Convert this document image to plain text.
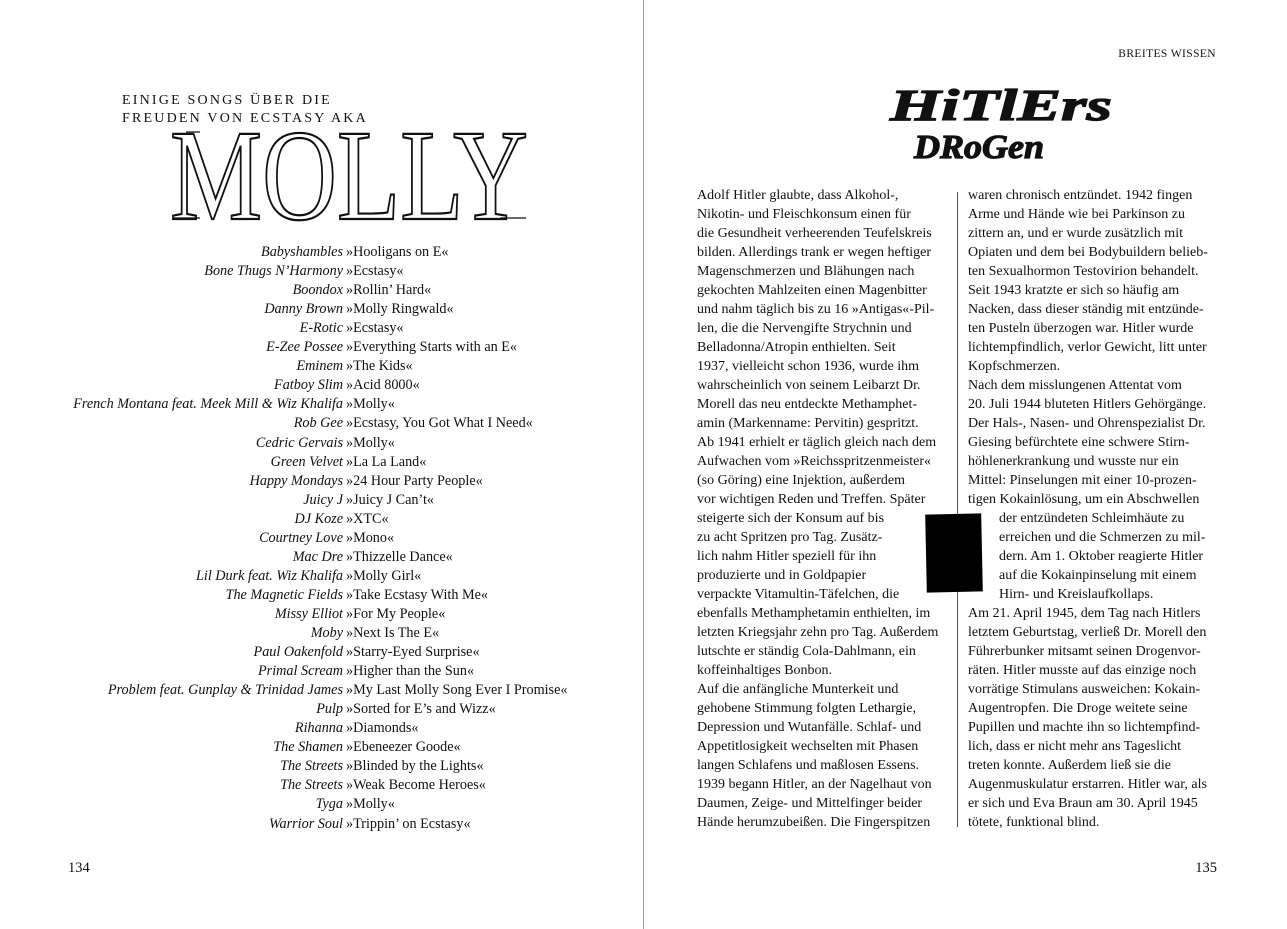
EINIGE SONGS ÜBER DIE
FREUDEN VON ECSTASY AKA
MOLLY
Babyshambles »Hooligans on E«
Bone Thugs N’Harmony »Ecstasy«
Boondox »Rollin’ Hard«
Danny Brown »Molly Ringwald«
E-Rotic »Ecstasy«
E-Zee Possee »Everything Starts with an E«
Eminem »The Kids«
Fatboy Slim »Acid 8000«
French Montana feat. Meek Mill & Wiz Khalifa »Molly«
Rob Gee »Ecstasy, You Got What I Need«
Cedric Gervais »Molly«
Green Velvet »La La Land«
Happy Mondays »24 Hour Party People«
Juicy J »Juicy J Can’t«
DJ Koze »XTC«
Courtney Love »Mono«
Mac Dre »Thizzelle Dance«
Lil Durk feat. Wiz Khalifa »Molly Girl«
The Magnetic Fields »Take Ecstasy With Me«
Missy Elliot »For My People«
Moby »Next Is The E«
Paul Oakenfold »Starry-Eyed Surprise«
Primal Scream »Higher than the Sun«
Problem feat. Gunplay & Trinidad James »My Last Molly Song Ever I Promise«
Pulp »Sorted for E’s and Wizz«
Rihanna »Diamonds«
The Shamen »Ebeneezer Goode«
The Streets »Blinded by the Lights«
The Streets »Weak Become Heroes«
Tyga »Molly«
Warrior Soul »Trippin’ on Ecstasy«
134
BREITES WISSEN
HiTlErs
DRoGen
Adolf Hitler glaubte, dass Alkohol-,
Nikotin- und Fleischkonsum einen für
die Gesundheit verheerenden Teufelskreis
bilden. Allerdings trank er wegen heftiger
Magenschmerzen und Blähungen nach
gekochten Mahlzeiten einen Magenbitter
und nahm täglich bis zu 16 »Antigas«-Pil-
len, die die Nervengifte Strychnin und
Belladonna/Atropin enthielten. Seit
1937, vielleicht schon 1936, wurde ihm
wahrscheinlich von seinem Leibarzt Dr.
Morell das neu entdeckte Methamphet-
amin (Markenname: Pervitin) gespritzt.
Ab 1941 erhielt er täglich gleich nach dem
Aufwachen vom »Reichsspritzenmeister«
(so Göring) eine Injektion, außerdem
vor wichtigen Reden und Treffen. Später
steigerte sich der Konsum auf bis
zu acht Spritzen pro Tag. Zusätz-
lich nahm Hitler speziell für ihn
produzierte und in Goldpapier
verpackte Vitamultin-Täfelchen, die
ebenfalls Methamphetamin enthielten, im
letzten Kriegsjahr zehn pro Tag. Außerdem
lutschte er ständig Cola-Dahlmann, ein
koffeinhaltiges Bonbon.
Auf die anfängliche Munterkeit und
gehobene Stimmung folgten Lethargie,
Depression und Wutanfälle. Schlaf- und
Appetitlosigkeit wechselten mit Phasen
langen Schlafens und maßlosen Essens.
1939 begann Hitler, an der Nagelhaut von
Daumen, Zeige- und Mittelfinger beider
Hände herumzubeißen. Die Fingerspitzen
waren chronisch entzündet. 1942 fingen
Arme und Hände wie bei Parkinson zu
zittern an, und er wurde zusätzlich mit
Opiaten und dem bei Bodybuildern beliеb-
ten Sexualhormon Testovirion behandelt.
Seit 1943 kratzte er sich so häufig am
Nacken, dass dieser ständig mit entzünde-
ten Pusteln überzogen war. Hitler wurde
lichtempfindlich, verlor Gewicht, litt unter
Kopfschmerzen.
Nach dem misslungenen Attentat vom
20. Juli 1944 bluteten Hitlers Gehörgänge.
Der Hals-, Nasen- und Ohrenspezialist Dr.
Giesing befürchtete eine schwere Stirn-
höhlenerkrankung und wusste nur ein
Mittel: Pinselungen mit einer 10-prozen-
tigen Kokainlösung, um ein Abschwellen
der entzündeten Schleimhäute zu
erreichen und die Schmerzen zu mil-
dern. Am 1. Oktober reagierte Hitler
auf die Kokainpinselung mit einem
Hirn- und Kreislaufkollaps.
Am 21. April 1945, dem Tag nach Hitlers
letztem Geburtstag, verließ Dr. Morell den
Führerbunker mitsamt seinen Drogenvor-
räten. Hitler musste auf das einzige noch
vorrätige Stimulans ausweichen: Kokain-
Augentropfen. Die Droge weitete seine
Pupillen und machte ihn so lichtempfind-
lich, dass er nicht mehr ans Tageslicht
treten konnte. Außerdem ließ sie die
Augenmuskulatur erstarren. Hitler war, als
er sich und Eva Braun am 30. April 1945
tötete, funktional blind.
135
